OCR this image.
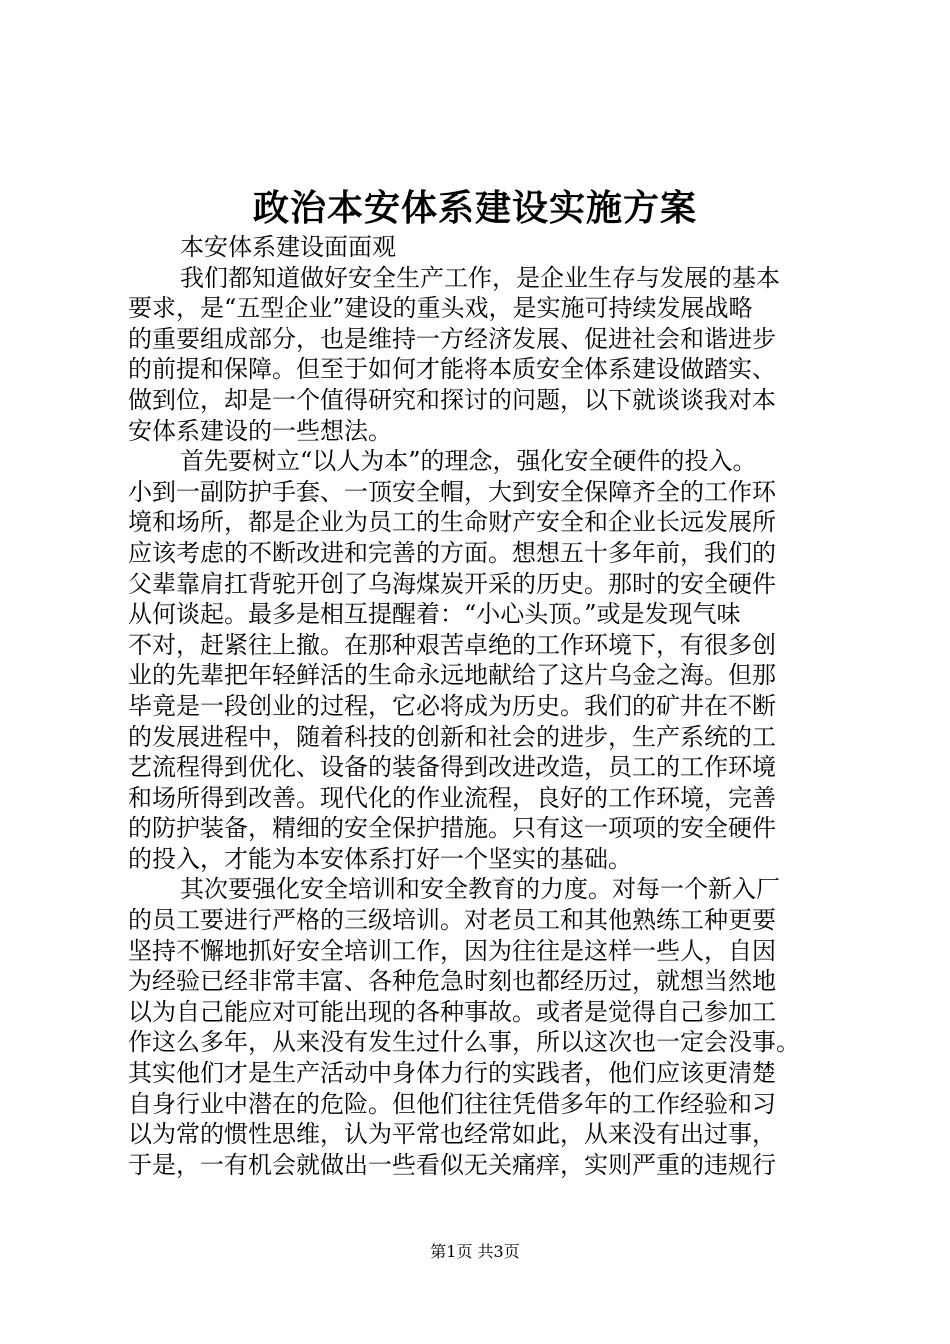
政治本安体系建设实施方案
本安体系建设面面观
我们都知道做好安全生产工作，是企业生存与发展的基本
要求，是“五型企业”建设的重头戏，是实施可持续发展战略
的重要组成部分，也是维持一方经济发展、促进社会和谐进步
的前提和保障。但至于如何才能将本质安全体系建设做踏实、
做到位，却是一个值得研究和探讨的问题，以下就谈谈我对本
安体系建设的一些想法。
首先要树立“以人为本”的理念，强化安全硬件的投入。
小到一副防护手套、一顶安全帽，大到安全保障齐全的工作环
境和场所，都是企业为员工的生命财产安全和企业长远发展所
应该考虑的不断改进和完善的方面。想想五十多年前，我们的
父辈靠肩扛背驼开创了乌海煤炭开采的历史。那时的安全硬件
从何谈起。最多是相互提醒着：“小心头顶。”或是发现气味
不对，赶紧往上撤。在那种艰苦卓绝的工作环境下，有很多创
业的先辈把年轻鲜活的生命永远地献给了这片乌金之海。但那
毕竟是一段创业的过程，它必将成为历史。我们的矿井在不断
的发展进程中，随着科技的创新和社会的进步，生产系统的工
艺流程得到优化、设备的装备得到改进改造，员工的工作环境
和场所得到改善。现代化的作业流程，良好的工作环境，完善
的防护装备，精细的安全保护措施。只有这一项项的安全硬件
的投入，才能为本安体系打好一个坚实的基础。
其次要强化安全培训和安全教育的力度。对每一个新入厂
的员工要进行严格的三级培训。对老员工和其他熟练工种更要
坚持不懈地抓好安全培训工作，因为往往是这样一些人，自因
为经验已经非常丰富、各种危急时刻也都经历过，就想当然地
以为自己能应对可能出现的各种事故。或者是觉得自己参加工
作这么多年，从来没有发生过什么事，所以这次也一定会没事。
其实他们才是生产活动中身体力行的实践者，他们应该更清楚
自身行业中潜在的危险。但他们往往凭借多年的工作经验和习
以为常的惯性思维，认为平常也经常如此，从来没有出过事，
于是，一有机会就做出一些看似无关痛痒，实则严重的违规行
第1页 共3页
